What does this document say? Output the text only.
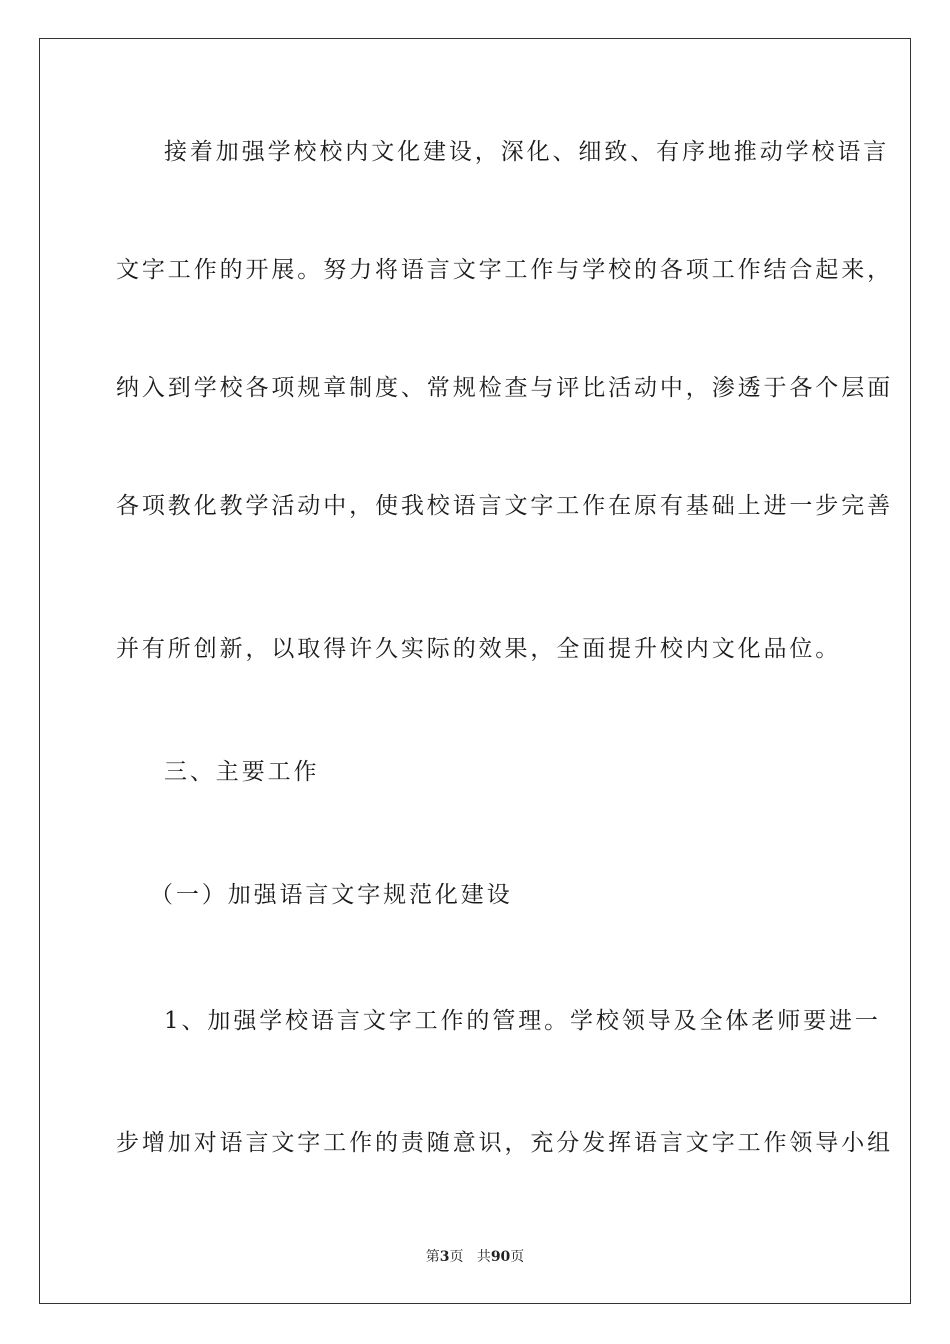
接着加强学校校内文化建设，深化、细致、有序地推动学校语言
文字工作的开展。努力将语言文字工作与学校的各项工作结合起来，
纳入到学校各项规章制度、常规检查与评比活动中，渗透于各个层面
各项教化教学活动中，使我校语言文字工作在原有基础上进一步完善
并有所创新，以取得许久实际的效果，全面提升校内文化品位。
三、主要工作
（一）加强语言文字规范化建设
1、加强学校语言文字工作的管理。学校领导及全体老师要进一
步增加对语言文字工作的责随意识，充分发挥语言文字工作领导小组
第3页 共90页
